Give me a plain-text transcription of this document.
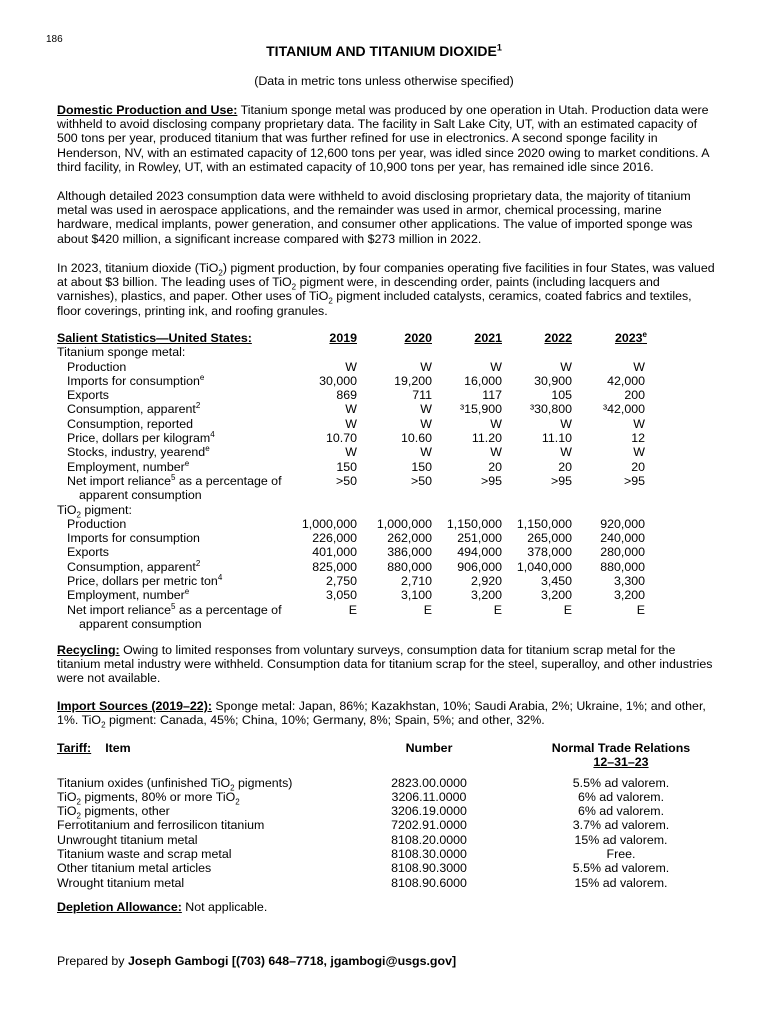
186
TITANIUM AND TITANIUM DIOXIDE$^1$
(Data in metric tons unless otherwise specified)
Domestic Production and Use: Titanium sponge metal was produced by one operation in Utah. Production data were withheld to avoid disclosing company proprietary data. The facility in Salt Lake City, UT, with an estimated capacity of 500 tons per year, produced titanium that was further refined for use in electronics. A second sponge facility in Henderson, NV, with an estimated capacity of 12,600 tons per year, was idled since 2020 owing to market conditions. A third facility, in Rowley, UT, with an estimated capacity of 10,900 tons per year, has remained idle since 2016.
Although detailed 2023 consumption data were withheld to avoid disclosing proprietary data, the majority of titanium metal was used in aerospace applications, and the remainder was used in armor, chemical processing, marine hardware, medical implants, power generation, and consumer other applications. The value of imported sponge was about $420 million, a significant increase compared with $273 million in 2022.
In 2023, titanium dioxide (TiO$_2$) pigment production, by four companies operating five facilities in four States, was valued at about $3 billion. The leading uses of TiO$_2$ pigment were, in descending order, paints (including lacquers and varnishes), plastics, and paper. Other uses of TiO$_2$ pigment included catalysts, ceramics, coated fabrics and textiles, floor coverings, printing ink, and roofing granules.
Salient Statistics—United States:	2019	2020	2021	2022	2023e
Titanium sponge metal:
Production	W	W	W	W	W
Imports for consumption$^e$	30,000	19,200	16,000	30,900	42,000
Exports	869	711	117	105	200
Consumption, apparent$^2$	W	W	³15,900	³30,800	³42,000
Consumption, reported	W	W	W	W	W
Price, dollars per kilogram$^4$	10.70	10.60	11.20	11.10	12
Stocks, industry, yearend$^e$	W	W	W	W	W
Employment, number$^e$	150	150	20	20	20
Net import reliance$^5$ as a percentage of	>50	>50	>95	>95	>95
apparent consumption
TiO$_2$ pigment:
Production	1,000,000	1,000,000	1,150,000	1,150,000	920,000
Imports for consumption	226,000	262,000	251,000	265,000	240,000
Exports	401,000	386,000	494,000	378,000	280,000
Consumption, apparent$^2$	825,000	880,000	906,000	1,040,000	880,000
Price, dollars per metric ton$^4$	2,750	2,710	2,920	3,450	3,300
Employment, number$^e$	3,050	3,100	3,200	3,200	3,200
Net import reliance$^5$ as a percentage of	E	E	E	E	E
apparent consumption
Recycling: Owing to limited responses from voluntary surveys, consumption data for titanium scrap metal for the titanium metal industry were withheld. Consumption data for titanium scrap for the steel, superalloy, and other industries were not available.
Import Sources (2019–22): Sponge metal: Japan, 86%; Kazakhstan, 10%; Saudi Arabia, 2%; Ukraine, 1%; and other, 1%. TiO$_2$ pigment: Canada, 45%; China, 10%; Germany, 8%; Spain, 5%; and other, 32%.
Tariff: Item	Number	Normal Trade Relations
12–31–23
Titanium oxides (unfinished TiO$_2$ pigments)	2823.00.0000	5.5% ad valorem.
TiO$_2$ pigments, 80% or more TiO$_2$	3206.11.0000	6% ad valorem.
TiO$_2$ pigments, other	3206.19.0000	6% ad valorem.
Ferrotitanium and ferrosilicon titanium	7202.91.0000	3.7% ad valorem.
Unwrought titanium metal	8108.20.0000	15% ad valorem.
Titanium waste and scrap metal	8108.30.0000	Free.
Other titanium metal articles	8108.90.3000	5.5% ad valorem.
Wrought titanium metal	8108.90.6000	15% ad valorem.
Depletion Allowance: Not applicable.
Prepared by Joseph Gambogi [(703) 648–7718, jgambogi@usgs.gov]
